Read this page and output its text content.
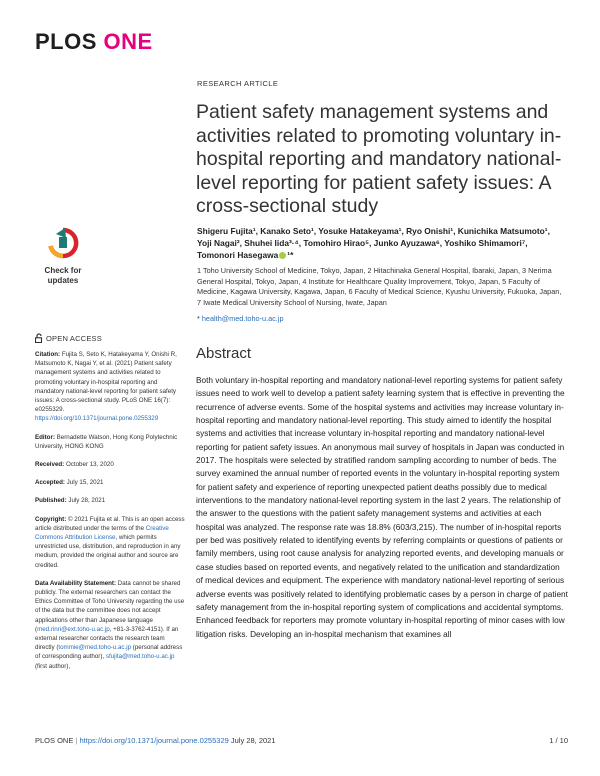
PLOS ONE
RESEARCH ARTICLE
Patient safety management systems and activities related to promoting voluntary in-hospital reporting and mandatory national-level reporting for patient safety issues: A cross-sectional study
Shigeru Fujita¹, Kanako Seto¹, Yosuke Hatakeyama¹, Ryo Onishi¹, Kunichika Matsumoto¹,
Yoji Nagai², Shuhei Iida³·⁴, Tomohiro Hirao⁵, Junko Ayuzawa⁶, Yoshiko Shimamori⁷,
Tomonori Hasegawa ¹*
1 Toho University School of Medicine, Tokyo, Japan, 2 Hitachinaka General Hospital, Ibaraki, Japan, 3 Nerima General Hospital, Tokyo, Japan, 4 Institute for Healthcare Quality Improvement, Tokyo, Japan, 5 Faculty of Medicine, Kagawa University, Kagawa, Japan, 6 Faculty of Medical Science, Kyushu University, Fukuoka, Japan, 7 Iwate Medical University School of Nursing, Iwate, Japan
* health@med.toho-u.ac.jp
Abstract

Both voluntary in-hospital reporting and mandatory national-level reporting systems for patient safety issues need to work well to develop a patient safety learning system that is effective in preventing the recurrence of adverse events. Some of the hospital systems and activities may increase voluntary in-hospital reporting and mandatory national-level reporting. This study aimed to identify the hospital systems and activities that increase voluntary in-hospital reporting and mandatory national-level reporting for patient safety issues. An anonymous mail survey of hospitals in Japan was conducted in 2017. The hospitals were selected by stratified random sampling according to number of beds. The survey examined the annual number of reported events in the voluntary in-hospital reporting system for patient safety and experience of reporting unexpected patient deaths possibly due to medical interventions to the mandatory national-level reporting system in the last 2 years. The relationship of the answer to the questions with the patient safety management systems and activities at each hospital was analyzed. The response rate was 18.8% (603/3,215). The number of in-hospital reports per bed was positively related to identifying events by referring complaints or questions of patients or family members, using root cause analysis for analyzing reported events, and developing manuals or case studies based on reported events, and negatively related to the unification and standardization of medical devices and equipment. The experience with mandatory national-level reporting of serious adverse events was positively related to identifying problematic cases by a person in charge of patient safety management from the in-hospital reporting system of complications and accidental symptoms. Enhanced feedback for reporters may promote voluntary in-hospital reporting of minor cases with low litigation risks. Developing an in-hospital mechanism that examines all

Check for
updates
OPEN ACCESS
Citation: Fujita S, Seto K, Hatakeyama Y, Onishi R, Matsumoto K, Nagai Y, et al. (2021) Patient safety management systems and activities related to promoting voluntary in-hospital reporting and mandatory national-level reporting for patient safety issues: A cross-sectional study. PLoS ONE 16(7): e0255329. https://doi.org/10.1371/journal.pone.0255329
Editor: Bernadette Watson, Hong Kong Polytechnic University, HONG KONG
Received: October 13, 2020
Accepted: July 15, 2021
Published: July 28, 2021
Copyright: © 2021 Fujita et al. This is an open access article distributed under the terms of the Creative Commons Attribution License, which permits unrestricted use, distribution, and reproduction in any medium, provided the original author and source are credited.
Data Availability Statement: Data cannot be shared publicly. The external researchers can contact the Ethics Committee of Toho University regarding the use of the data but the committee does not accept applications other than Japanese language (med.rinri@ext.toho-u.ac.jp, +81-3-3762-4151). If an external researcher contacts the research team directly (tommie@med.toho-u.ac.jp (personal address of corresponding author), sfujita@med.toho-u.ac.jp (first author),
PLOS ONE | https://doi.org/10.1371/journal.pone.0255329 July 28, 2021	1 / 10
